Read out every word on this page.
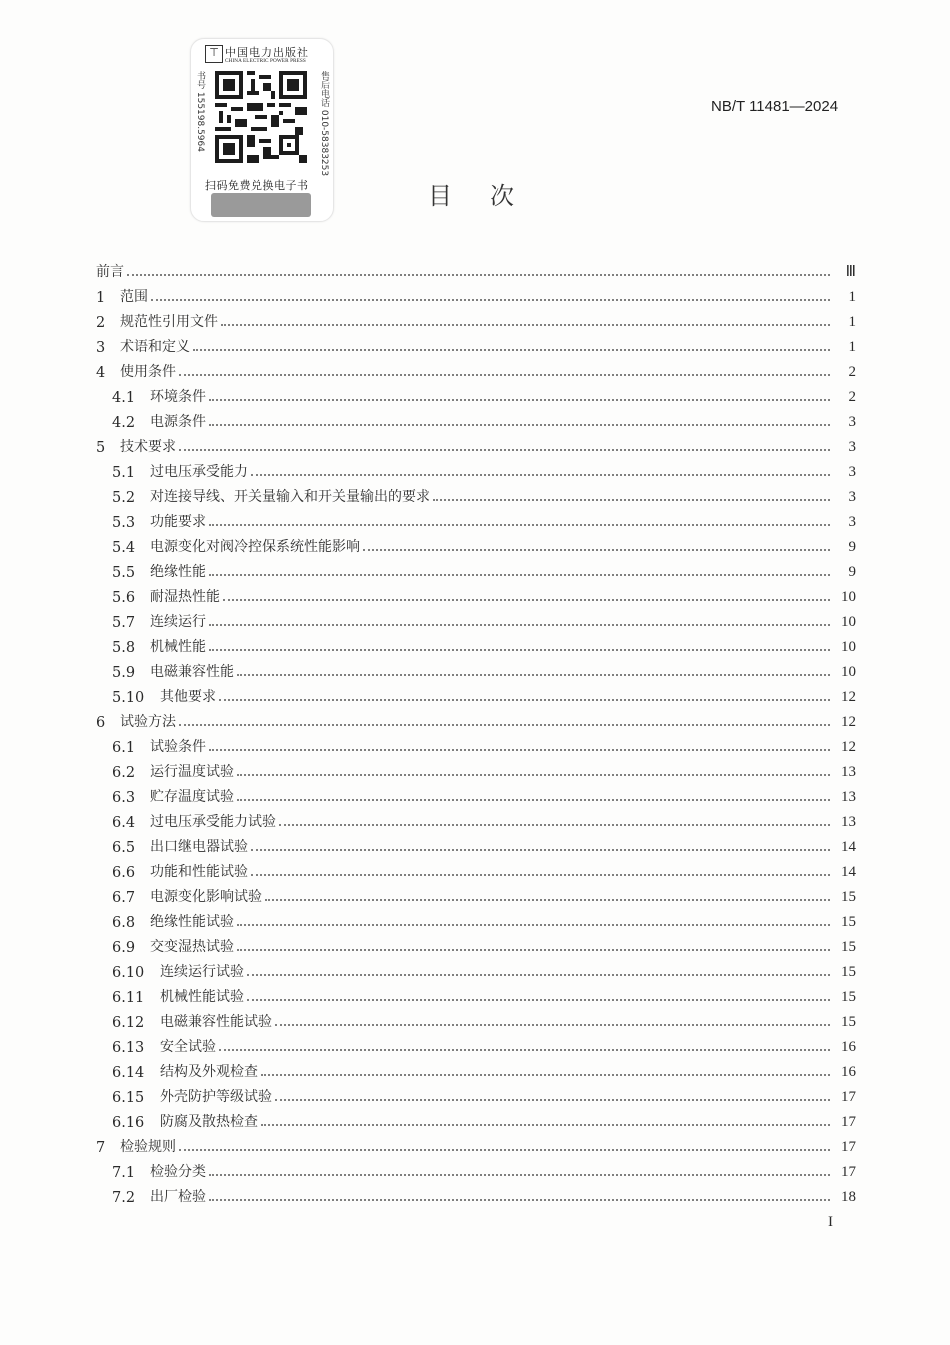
⊤ 中国电力出版社
CHINA ELECTRIC POWER PRESS
书号 155198.5964	售后电话 010-58383253
扫码免费兑换电子书
NB/T 11481—2024
目次
前言	Ⅲ
1	范围	1
2	规范性引用文件	1
3	术语和定义	1
4	使用条件	2
4.1	环境条件	2
4.2	电源条件	3
5	技术要求	3
5.1	过电压承受能力	3
5.2	对连接导线、开关量输入和开关量输出的要求	3
5.3	功能要求	3
5.4	电源变化对阀冷控保系统性能影响	9
5.5	绝缘性能	9
5.6	耐湿热性能	10
5.7	连续运行	10
5.8	机械性能	10
5.9	电磁兼容性能	10
5.10	其他要求	12
6	试验方法	12
6.1	试验条件	12
6.2	运行温度试验	13
6.3	贮存温度试验	13
6.4	过电压承受能力试验	13
6.5	出口继电器试验	14
6.6	功能和性能试验	14
6.7	电源变化影响试验	15
6.8	绝缘性能试验	15
6.9	交变湿热试验	15
6.10	连续运行试验	15
6.11	机械性能试验	15
6.12	电磁兼容性能试验	15
6.13	安全试验	16
6.14	结构及外观检查	16
6.15	外壳防护等级试验	17
6.16	防腐及散热检查	17
7	检验规则	17
7.1	检验分类	17
7.2	出厂检验	18
I
